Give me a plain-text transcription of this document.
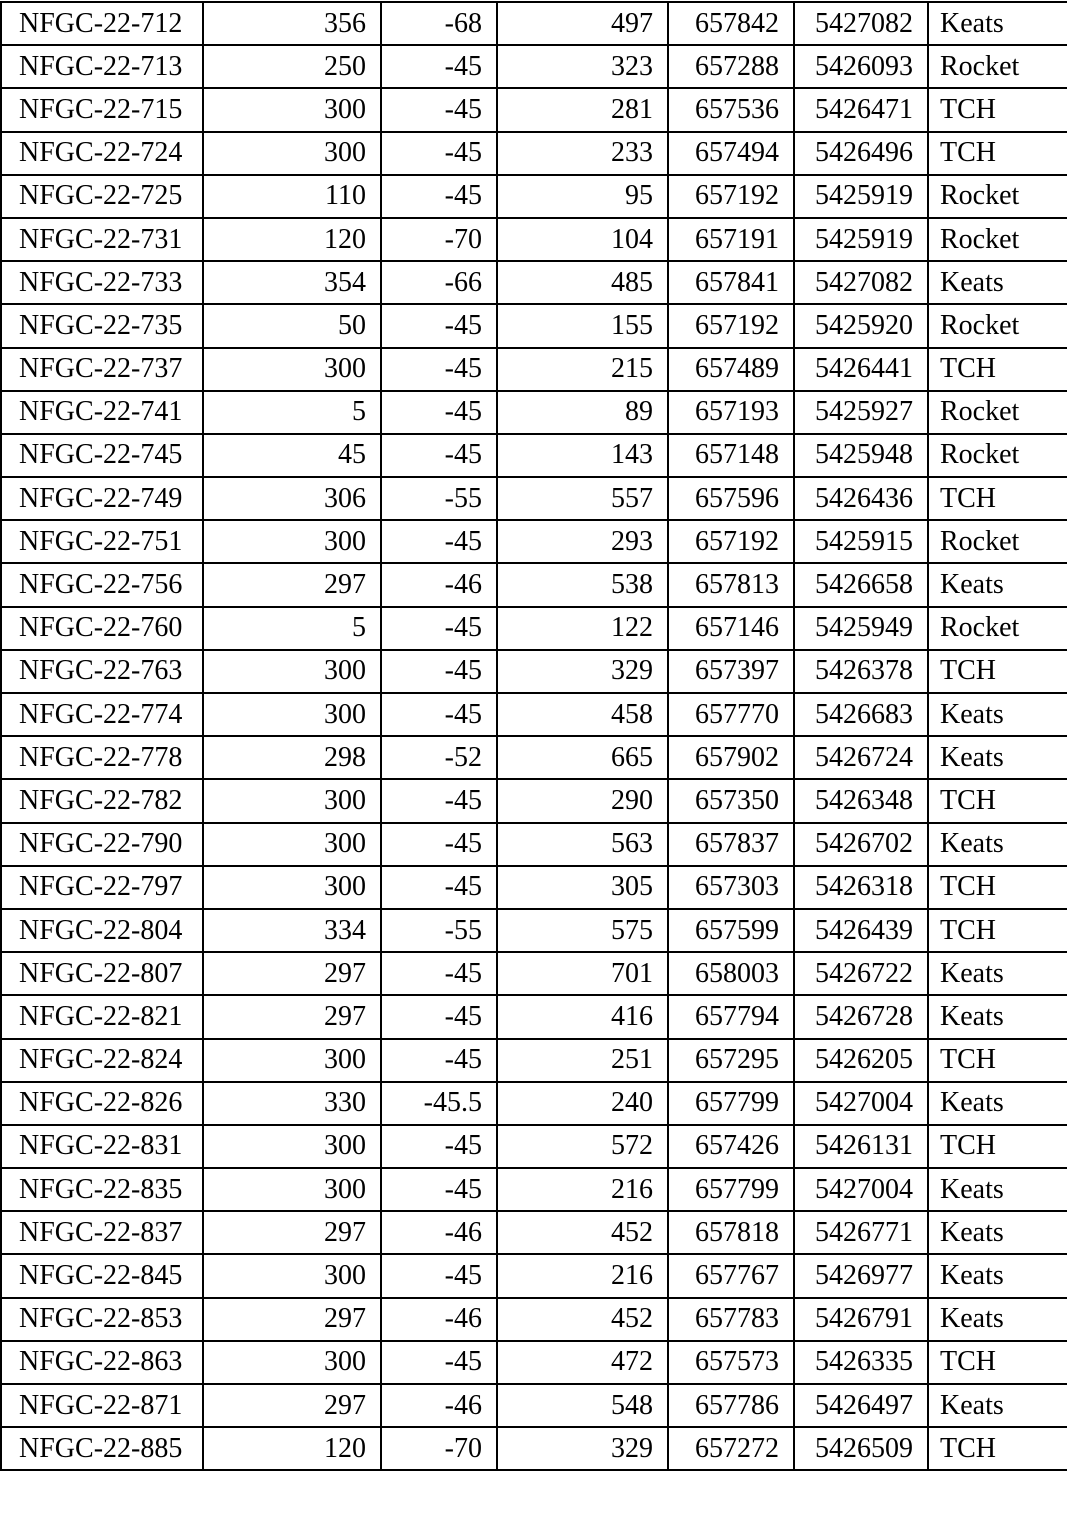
NFGC-22-712	356	-68	497	657842	5427082	Keats
NFGC-22-713	250	-45	323	657288	5426093	Rocket
NFGC-22-715	300	-45	281	657536	5426471	TCH
NFGC-22-724	300	-45	233	657494	5426496	TCH
NFGC-22-725	110	-45	95	657192	5425919	Rocket
NFGC-22-731	120	-70	104	657191	5425919	Rocket
NFGC-22-733	354	-66	485	657841	5427082	Keats
NFGC-22-735	50	-45	155	657192	5425920	Rocket
NFGC-22-737	300	-45	215	657489	5426441	TCH
NFGC-22-741	5	-45	89	657193	5425927	Rocket
NFGC-22-745	45	-45	143	657148	5425948	Rocket
NFGC-22-749	306	-55	557	657596	5426436	TCH
NFGC-22-751	300	-45	293	657192	5425915	Rocket
NFGC-22-756	297	-46	538	657813	5426658	Keats
NFGC-22-760	5	-45	122	657146	5425949	Rocket
NFGC-22-763	300	-45	329	657397	5426378	TCH
NFGC-22-774	300	-45	458	657770	5426683	Keats
NFGC-22-778	298	-52	665	657902	5426724	Keats
NFGC-22-782	300	-45	290	657350	5426348	TCH
NFGC-22-790	300	-45	563	657837	5426702	Keats
NFGC-22-797	300	-45	305	657303	5426318	TCH
NFGC-22-804	334	-55	575	657599	5426439	TCH
NFGC-22-807	297	-45	701	658003	5426722	Keats
NFGC-22-821	297	-45	416	657794	5426728	Keats
NFGC-22-824	300	-45	251	657295	5426205	TCH
NFGC-22-826	330	-45.5	240	657799	5427004	Keats
NFGC-22-831	300	-45	572	657426	5426131	TCH
NFGC-22-835	300	-45	216	657799	5427004	Keats
NFGC-22-837	297	-46	452	657818	5426771	Keats
NFGC-22-845	300	-45	216	657767	5426977	Keats
NFGC-22-853	297	-46	452	657783	5426791	Keats
NFGC-22-863	300	-45	472	657573	5426335	TCH
NFGC-22-871	297	-46	548	657786	5426497	Keats
NFGC-22-885	120	-70	329	657272	5426509	TCH
